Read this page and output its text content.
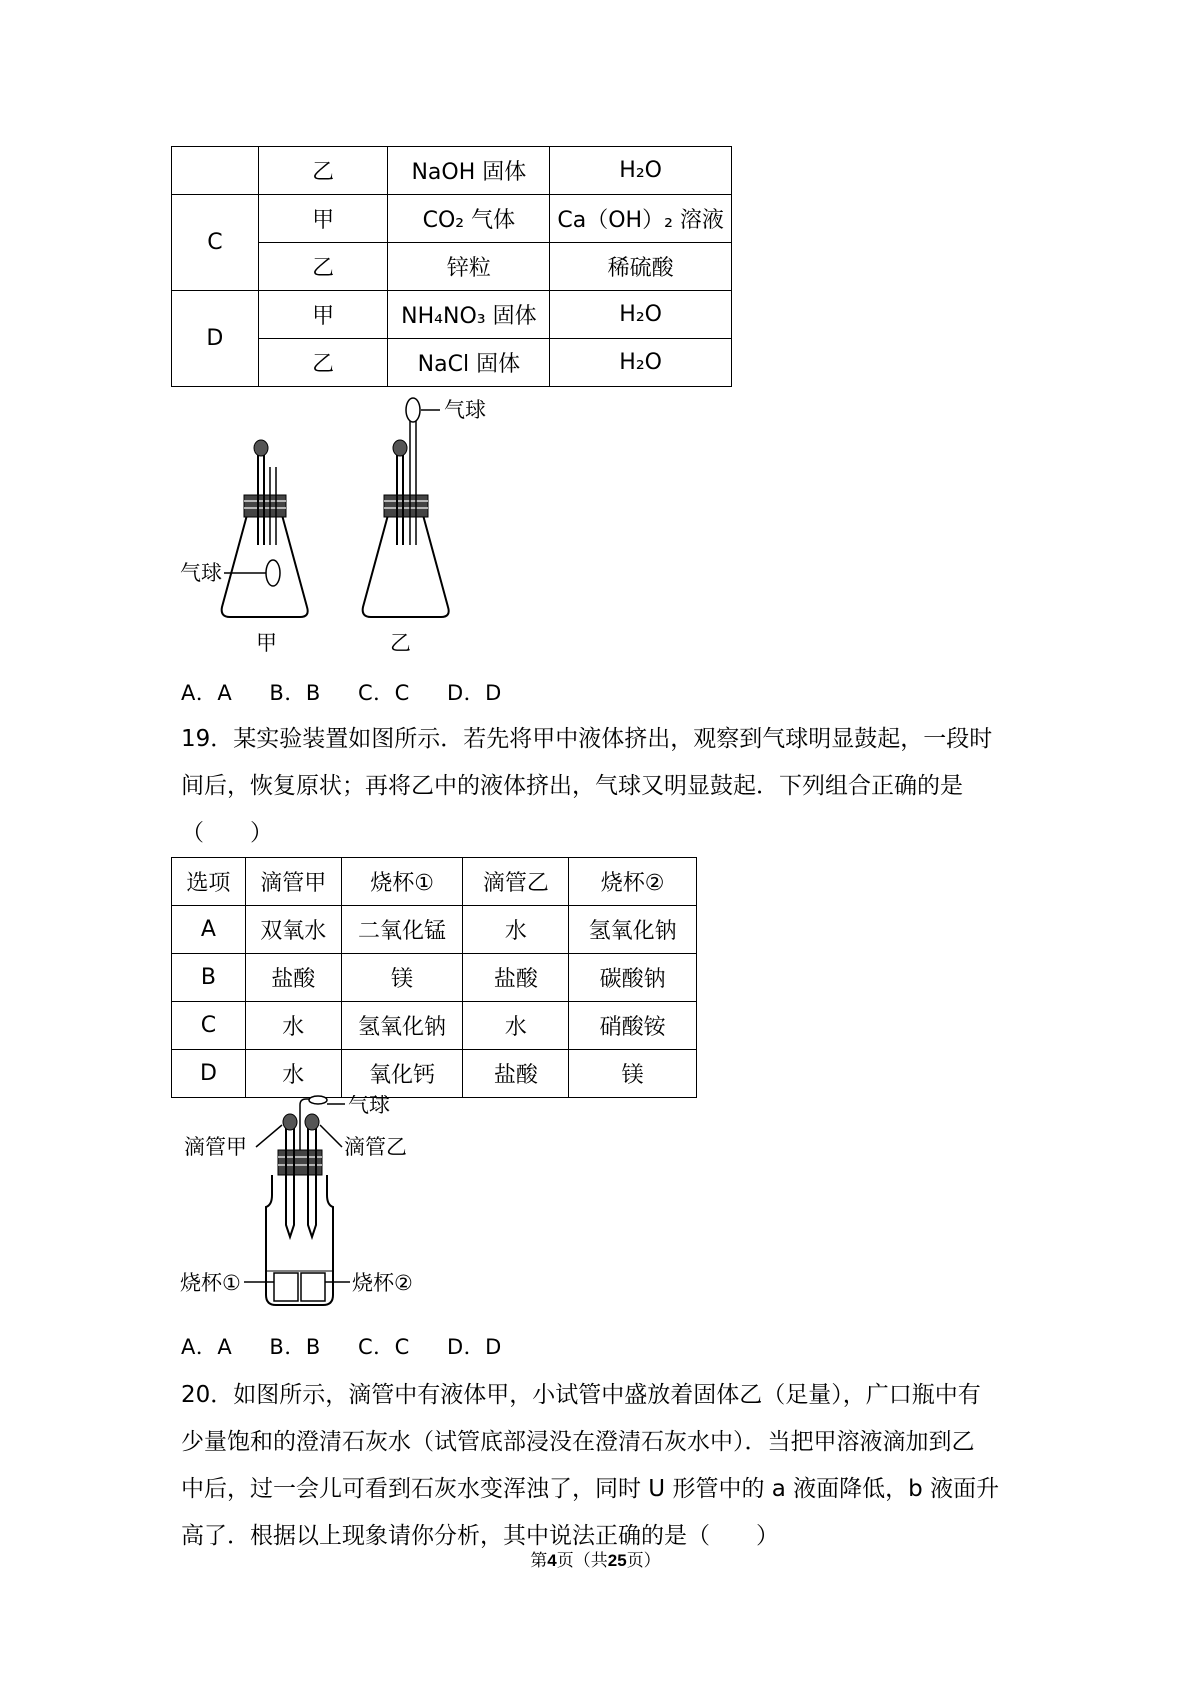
	乙	NaOH 固体	H₂O
C	甲	CO₂ 气体	Ca（OH）₂ 溶液
	乙	锌粒	稀硫酸
D	甲	NH₄NO₃ 固体	H₂O
	乙	NaCl 固体	H₂O
气球
甲
气球
乙
A．A B．B C．C D．D
19．某实验装置如图所示．若先将甲中液体挤出，观察到气球明显鼓起，一段时
间后，恢复原状；再将乙中的液体挤出，气球又明显鼓起．下列组合正确的是
（　　）
选项	滴管甲	烧杯①	滴管乙	烧杯②
A	双氧水	二氧化锰	水	氢氧化钠
B	盐酸	镁	盐酸	碳酸钠
C	水	氢氧化钠	水	硝酸铵
D	水	氧化钙	盐酸	镁
气球
滴管甲	滴管乙
烧杯①	烧杯②
A．A B．B C．C D．D
20．如图所示，滴管中有液体甲，小试管中盛放着固体乙（足量），广口瓶中有
少量饱和的澄清石灰水（试管底部浸没在澄清石灰水中）．当把甲溶液滴加到乙
中后，过一会儿可看到石灰水变浑浊了，同时 U 形管中的 a 液面降低，b 液面升
高了．根据以上现象请你分析，其中说法正确的是（　　）
第4页（共25页）
